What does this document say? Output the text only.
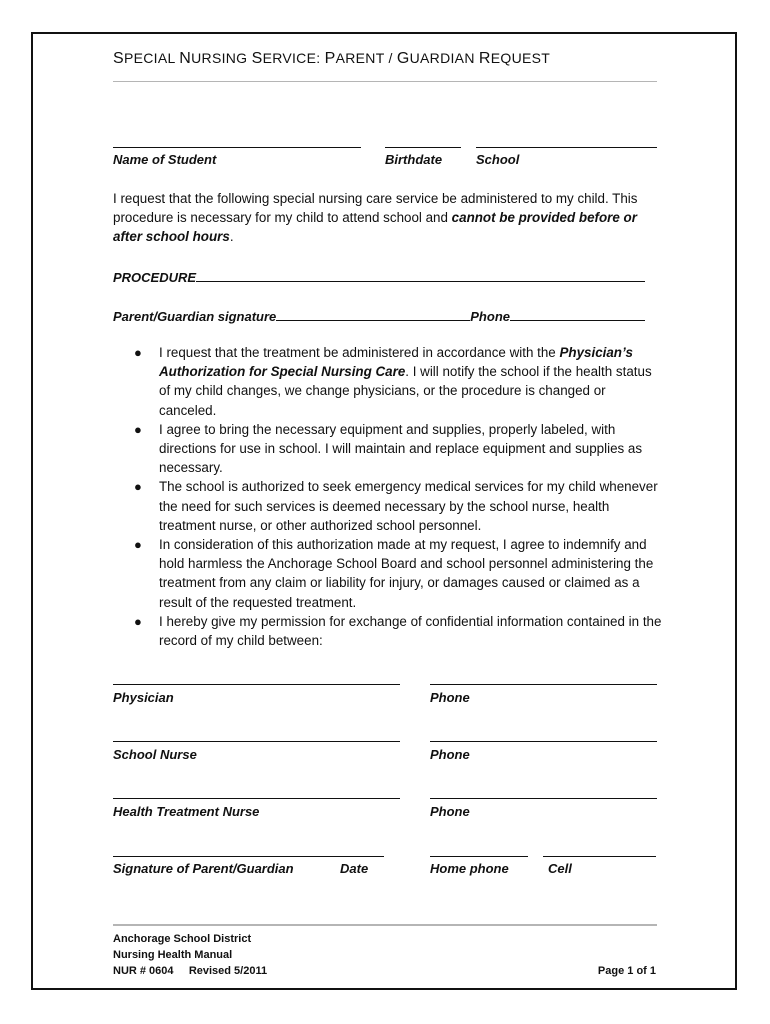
SPECIAL NURSING SERVICE: PARENT / GUARDIAN REQUEST
Name of Student	Birthdate	School
I request that the following special nursing care service be administered to my child. This procedure is necessary for my child to attend school and cannot be provided before or after school hours.
PROCEDURE
Parent/Guardian signature	Phone
● I request that the treatment be administered in accordance with the Physician’s Authorization for Special Nursing Care. I will notify the school if the health status of my child changes, we change physicians, or the procedure is changed or canceled.
● I agree to bring the necessary equipment and supplies, properly labeled, with directions for use in school. I will maintain and replace equipment and supplies as necessary.
● The school is authorized to seek emergency medical services for my child whenever the need for such services is deemed necessary by the school nurse, health treatment nurse, or other authorized school personnel.
● In consideration of this authorization made at my request, I agree to indemnify and hold harmless the Anchorage School Board and school personnel administering the treatment from any claim or liability for injury, or damages caused or claimed as a result of the requested treatment.
● I hereby give my permission for exchange of confidential information contained in the record of my child between:
Physician	Phone
School Nurse	Phone
Health Treatment Nurse	Phone
Signature of Parent/Guardian	Date	Home phone	Cell
Anchorage School District
Nursing Health Manual
NUR # 0604     Revised 5/2011	Page 1 of 1
